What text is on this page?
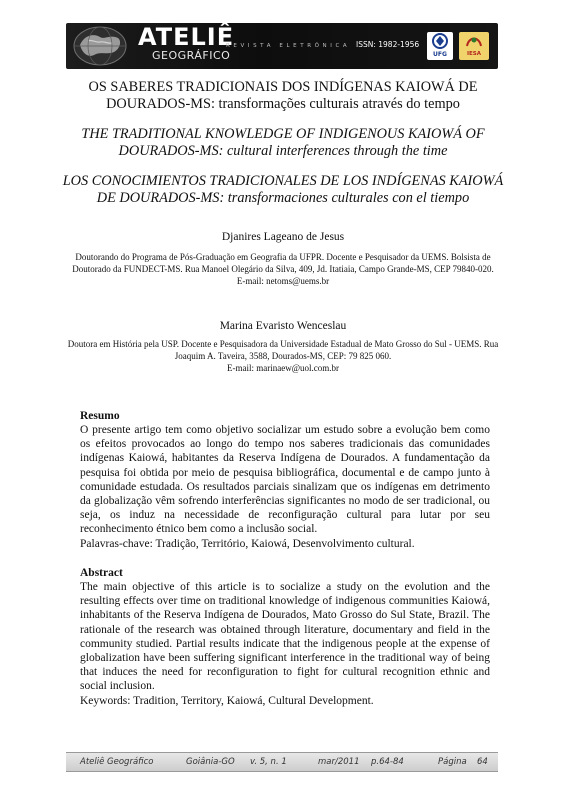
ATELIÊ
GEOGRÁFICO
REVISTA ELETRÔNICA ISSN: 1982-1956
UFG	IESA
OS SABERES TRADICIONAIS DOS INDÍGENAS KAIOWÁ DE DOURADOS-MS: transformações culturais através do tempo
THE TRADITIONAL KNOWLEDGE OF INDIGENOUS KAIOWÁ OF DOURADOS-MS: cultural interferences through the time
LOS CONOCIMIENTOS TRADICIONALES DE LOS INDÍGENAS KAIOWÁ DE DOURADOS-MS: transformaciones culturales con el tiempo
Djanires Lageano de Jesus
Doutorando do Programa de Pós-Graduação em Geografia da UFPR. Docente e Pesquisador da UEMS. Bolsista de Doutorado da FUNDECT-MS. Rua Manoel Olegário da Silva, 409, Jd. Itatiaia, Campo Grande-MS, CEP 79840-020.
E-mail: netoms@uems.br
Marina Evaristo Wenceslau
Doutora em História pela USP. Docente e Pesquisadora da Universidade Estadual de Mato Grosso do Sul - UEMS. Rua Joaquim A. Taveira, 3588, Dourados-MS, CEP: 79 825 060.
E-mail: marinaew@uol.com.br
Resumo
O presente artigo tem como objetivo socializar um estudo sobre a evolução bem como os efeitos provocados ao longo do tempo nos saberes tradicionais das comunidades indígenas Kaiowá, habitantes da Reserva Indígena de Dourados. A fundamentação da pesquisa foi obtida por meio de pesquisa bibliográfica, documental e de campo junto à comunidade estudada. Os resultados parciais sinalizam que os indígenas em detrimento da globalização vêm sofrendo interferências significantes no modo de ser tradicional, ou seja, os induz na necessidade de reconfiguração cultural para lutar por seu reconhecimento étnico bem como a inclusão social.
Palavras-chave: Tradição, Território, Kaiowá, Desenvolvimento cultural.
Abstract
The main objective of this article is to socialize a study on the evolution and the resulting effects over time on traditional knowledge of indigenous communities Kaiowá, inhabitants of the Reserva Indígena de Dourados, Mato Grosso do Sul State, Brazil. The rationale of the research was obtained through literature, documentary and field in the community studied. Partial results indicate that the indigenous people at the expense of globalization have been suffering significant interference in the traditional way of being that induces the need for reconfiguration to fight for cultural recognition ethnic and social inclusion.
Keywords: Tradition, Territory, Kaiowá, Cultural Development.
Ateliê Geográfico	Goiânia-GO v. 5, n. 1	mar/2011 p.64-84	Página 64
